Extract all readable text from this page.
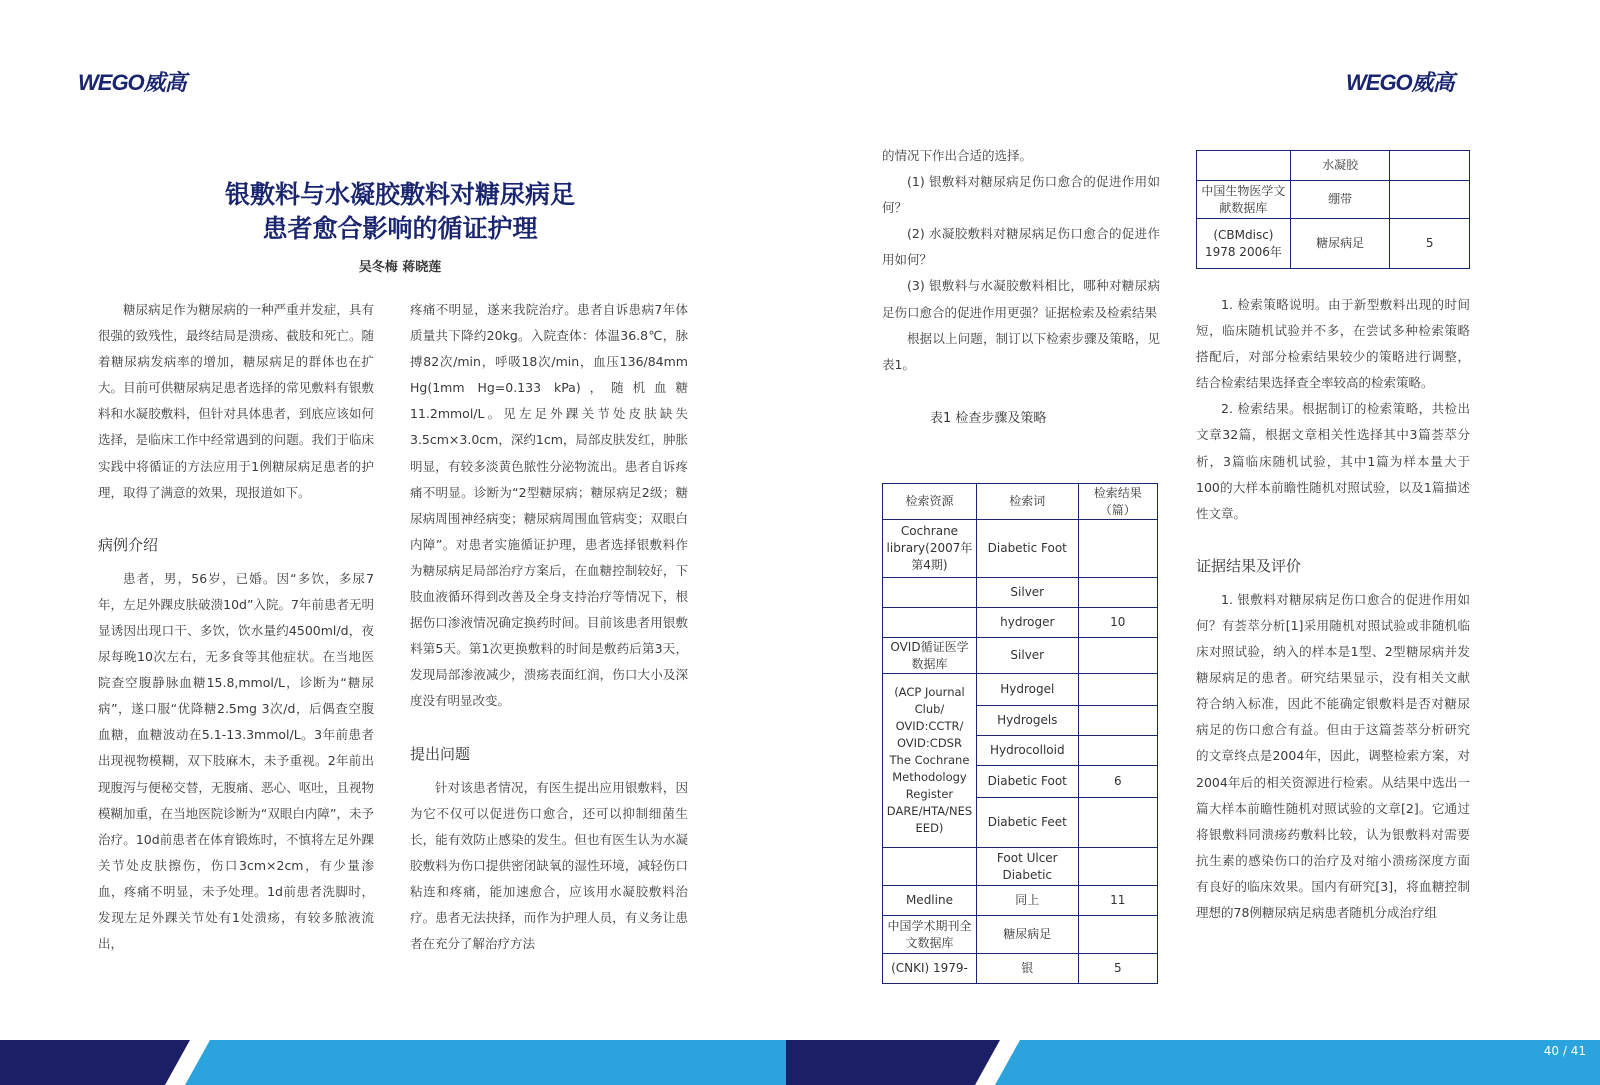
WEGO威高
银敷料与水凝胶敷料对糖尿病足
患者愈合影响的循证护理
吴冬梅 蒋晓莲

糖尿病足作为糖尿病的一种严重并发症，具有很强的致残性，最终结局是溃疡、截肢和死亡。随着糖尿病发病率的增加，糖尿病足的群体也在扩大。目前可供糖尿病足患者选择的常见敷料有银敷料和水凝胶敷料，但针对具体患者，到底应该如何选择，是临床工作中经常遇到的问题。我们于临床实践中将循证的方法应用于1例糖尿病足患者的护理，取得了满意的效果，现报道如下。

病例介绍

患者，男，56岁，已婚。因“多饮，多尿7年，左足外踝皮肤破溃10d”入院。7年前患者无明显诱因出现口干、多饮，饮水量约4500ml/d，夜尿每晚10次左右，无多食等其他症状。在当地医院查空腹静脉血糖15.8,mmol/L，诊断为“糖尿病”，遂口服“优降糖2.5mg 3次/d，后偶查空腹血糖，血糖波动在5.1-13.3mmol/L。3年前患者出现视物模糊，双下肢麻木，未予重视。2年前出现腹泻与便秘交替，无腹痛、恶心、呕吐，且视物模糊加重，在当地医院诊断为“双眼白内障”，未予治疗。10d前患者在体育锻炼时，不慎将左足外踝关节处皮肤擦伤，伤口3cm×2cm，有少量渗血，疼痛不明显，未予处理。1d前患者洗脚时，发现左足外踝关节处有1处溃疡，有较多脓液流出，

疼痛不明显，遂来我院治疗。患者自诉患病7年体质量共下降约20kg。入院查体：体温36.8℃，脉搏82次/min，呼吸18次/min，血压136/84mm Hg(1mm Hg=0.133 kPa)，随机血糖11.2mmol/L。见左足外踝关节处皮肤缺失3.5cm×3.0cm，深约1cm，局部皮肤发红，肿胀明显，有较多淡黄色脓性分泌物流出。患者自诉疼痛不明显。诊断为“2型糖尿病；糖尿病足2级；糖尿病周围神经病变；糖尿病周围血管病变；双眼白内障”。对患者实施循证护理，患者选择银敷料作为糖尿病足局部治疗方案后，在血糖控制较好，下肢血液循环得到改善及全身支持治疗等情况下，根据伤口渗液情况确定换药时间。目前该患者用银敷料第5天。第1次更换敷料的时间是敷药后第3天，发现局部渗液减少，溃疡表面红润，伤口大小及深度没有明显改变。

提出问题

针对该患者情况，有医生提出应用银敷料，因为它不仅可以促进伤口愈合，还可以抑制细菌生长，能有效防止感染的发生。但也有医生认为水凝胶敷料为伤口提供密闭缺氧的湿性环境，减轻伤口粘连和疼痛，能加速愈合，应该用水凝胶敷料治疗。患者无法抉择，而作为护理人员，有义务让患者在充分了解治疗方法

WEGO威高

的情况下作出合适的选择。

(1) 银敷料对糖尿病足伤口愈合的促进作用如何？

(2) 水凝胶敷料对糖尿病足伤口愈合的促进作用如何？

(3) 银敷料与水凝胶敷料相比，哪种对糖尿病足伤口愈合的促进作用更强？证据检索及检索结果

根据以上问题，制订以下检索步骤及策略，见表1。

表1 检查步骤及策略

检索资源	检索词	检索结果（篇）
Cochrane library(2007年第4期)	Diabetic Foot	
	Silver	
	hydroger	10
OVID循证医学数据库	Silver	
(ACP Journal Club/ OVID:CCTR/ OVID:CDSR The Cochrane Methodology Register DARE/HTA/NES EED)	Hydrogel	
	Hydrogels	
	Hydrocolloid	
	Diabetic Foot	6
	Diabetic Feet	
	Foot Ulcer Diabetic	
Medline	同上	11
中国学术期刊全文数据库	糖尿病足	
(CNKI) 1979-	银	5
	水凝胶	
中国生物医学文献数据库	绷带	
(CBMdisc) 1978 2006年	糖尿病足	5

1. 检索策略说明。由于新型敷料出现的时间短，临床随机试验并不多，在尝试多种检索策略搭配后，对部分检索结果较少的策略进行调整，结合检索结果选择查全率较高的检索策略。

2. 检索结果。根据制订的检索策略，共检出文章32篇，根据文章相关性选择其中3篇荟萃分析，3篇临床随机试验，其中1篇为样本量大于100的大样本前瞻性随机对照试验，以及1篇描述性文章。

证据结果及评价

1. 银敷料对糖尿病足伤口愈合的促进作用如何？有荟萃分析[1]采用随机对照试验或非随机临床对照试验，纳入的样本是1型、2型糖尿病并发糖尿病足的患者。研究结果显示，没有相关文献符合纳入标准，因此不能确定银敷料是否对糖尿病足的伤口愈合有益。但由于这篇荟萃分析研究的文章终点是2004年，因此，调整检索方案，对2004年后的相关资源进行检索。从结果中选出一篇大样本前瞻性随机对照试验的文章[2]。它通过将银敷料同溃疡药敷料比较，认为银敷料对需要抗生素的感染伤口的治疗及对缩小溃疡深度方面有良好的临床效果。国内有研究[3]，将血糖控制理想的78例糖尿病足病患者随机分成治疗组

40 / 41
